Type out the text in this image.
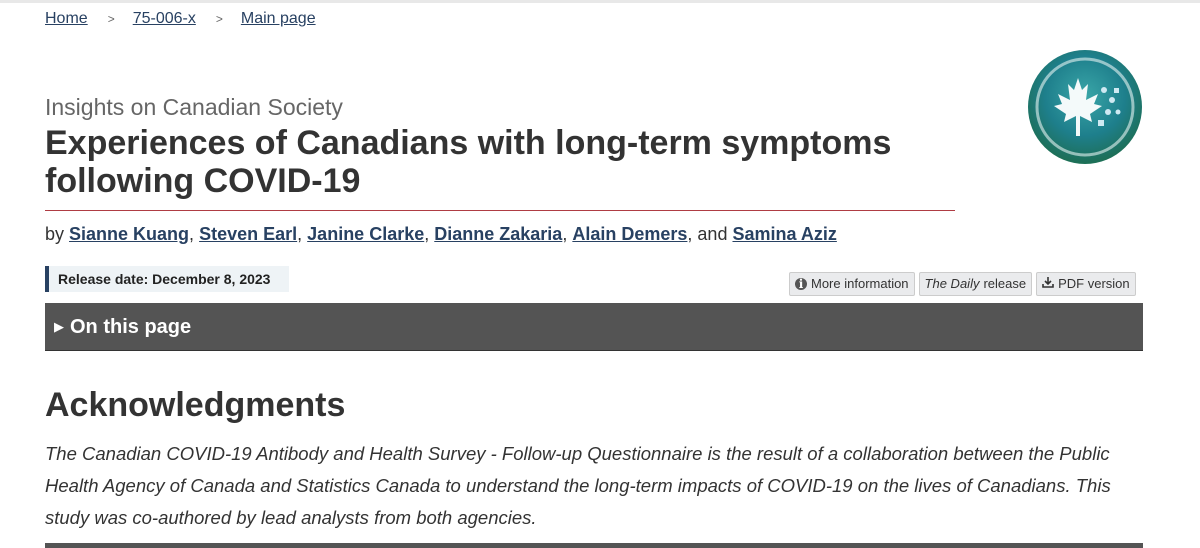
Home > 75-006-x > Main page
Insights on Canadian Society
Experiences of Canadians with long-term symptoms following COVID-19
by Sianne Kuang, Steven Earl, Janine Clarke, Dianne Zakaria, Alain Demers, and Samina Aziz
Release date: December 8, 2023	i More information The Daily release PDF version
▶ On this page
Acknowledgments

The Canadian COVID-19 Antibody and Health Survey - Follow-up Questionnaire is the result of a collaboration between the Public Health Agency of Canada and Statistics Canada to understand the long-term impacts of COVID-19 on the lives of Canadians. This study was co-authored by lead analysts from both agencies.
